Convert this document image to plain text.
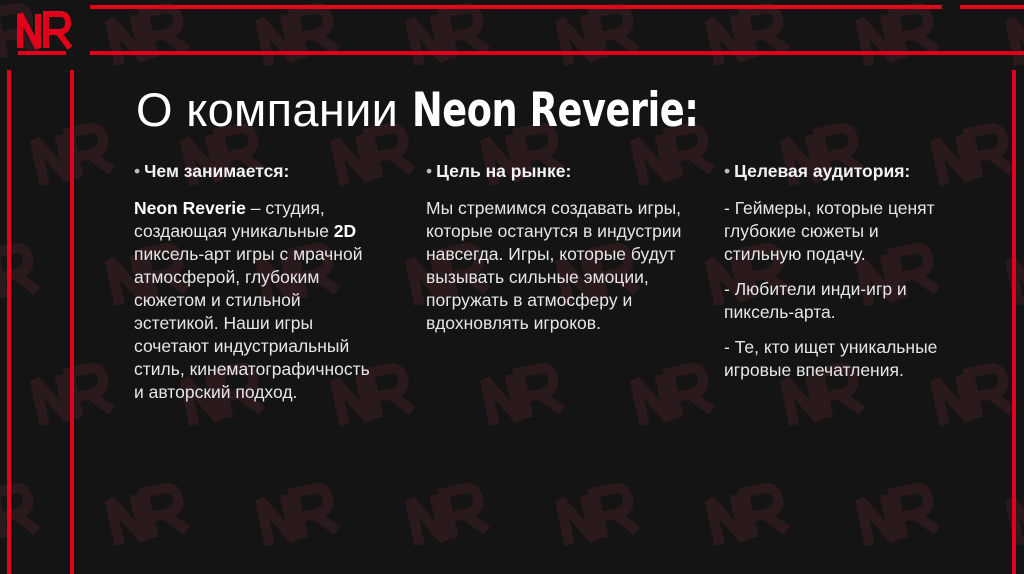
NR
О компании Neon Reverie:
• Чем занимается:

Neon Reverie – студия, создающая уникальные 2D пиксель-арт игры с мрачной атмосферой, глубоким сюжетом и стильной эстетикой. Наши игры сочетают индустриальный стиль, кинематографичность и авторский подход.

• Цель на рынке:

Мы стремимся создавать игры, которые останутся в индустрии навсегда. Игры, которые будут вызывать сильные эмоции, погружать в атмосферу и вдохновлять игроков.

• Целевая аудитория:
- Геймеры, которые ценят глубокие сюжеты и стильную подачу.
- Любители инди-игр и пиксель-арта.
- Те, кто ищет уникальные игровые впечатления.
